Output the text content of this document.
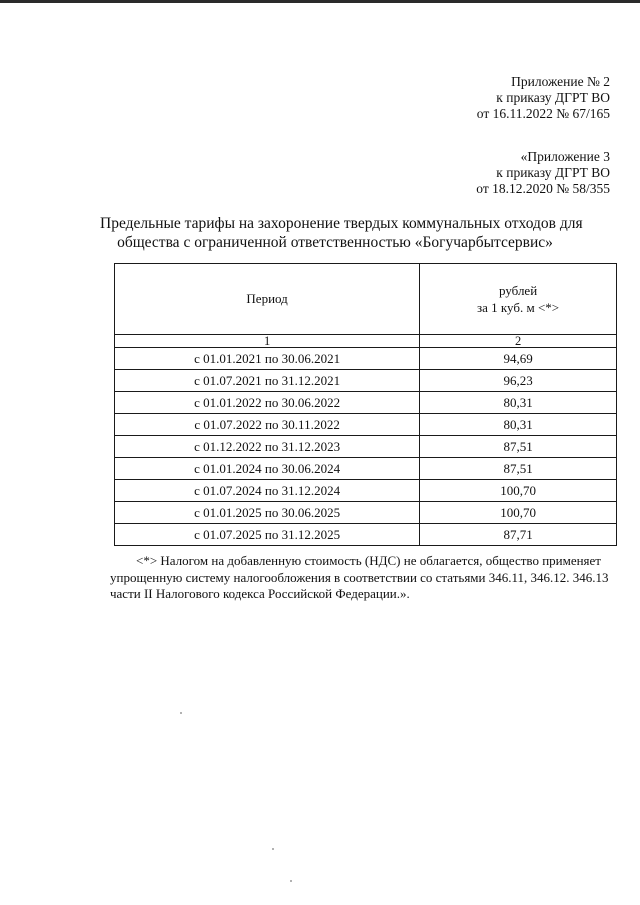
Приложение № 2
к приказу ДГРТ ВО
от 16.11.2022 № 67/165
«Приложение 3
к приказу ДГРТ ВО
от 18.12.2020 № 58/355
Предельные тарифы на захоронение твердых коммунальных отходов для
общества с ограниченной ответственностью «Богучарбытсервис»
Период	рублей
за 1 куб. м <*>

1	2
с 01.01.2021 по 30.06.2021	94,69
с 01.07.2021 по 31.12.2021	96,23
с 01.01.2022 по 30.06.2022	80,31
с 01.07.2022 по 30.11.2022	80,31
с 01.12.2022 по 31.12.2023	87,51
с 01.01.2024 по 30.06.2024	87,51
с 01.07.2024 по 31.12.2024	100,70
с 01.01.2025 по 30.06.2025	100,70
с 01.07.2025 по 31.12.2025	87,71
<*> Налогом на добавленную стоимость (НДС) не облагается, общество применяет
упрощенную систему налогообложения в соответствии со статьями 346.11, 346.12. 346.13
части II Налогового кодекса Российской Федерации.».
